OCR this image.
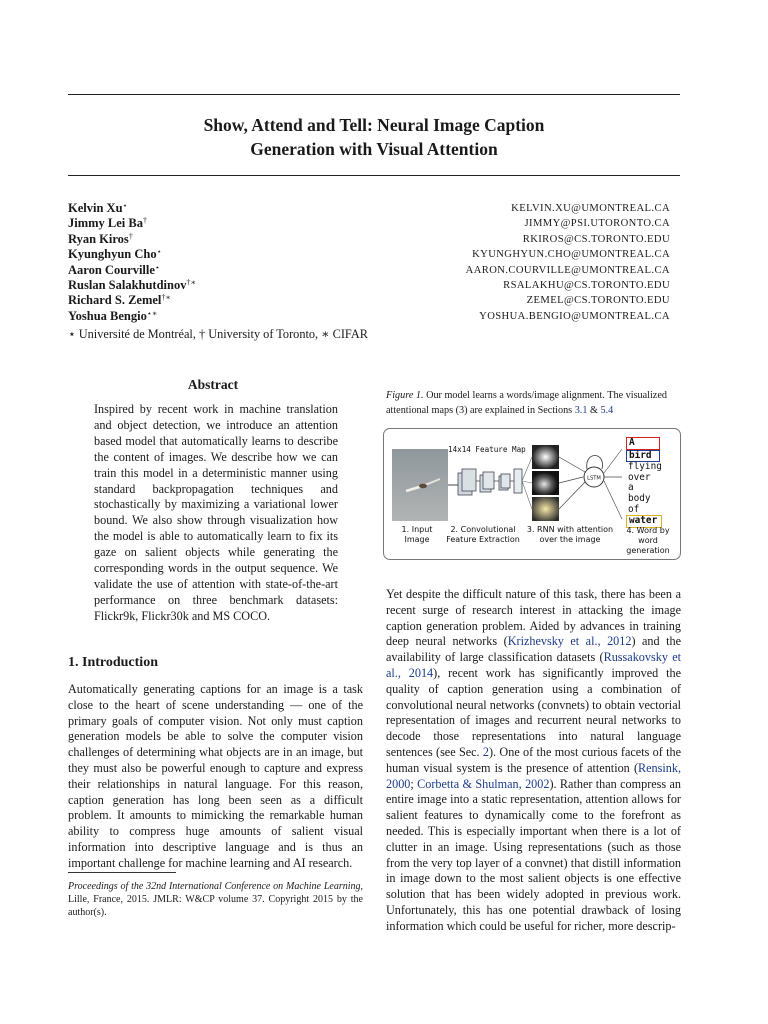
Show, Attend and Tell: Neural Image Caption
Generation with Visual Attention
Kelvin Xu⋆
Jimmy Lei Ba†
Ryan Kiros†
Kyunghyun Cho⋆
Aaron Courville⋆
Ruslan Salakhutdinov†∗
Richard S. Zemel†∗
Yoshua Bengio⋆∗
KELVIN.XU@UMONTREAL.CA
JIMMY@PSI.UTORONTO.CA
RKIROS@CS.TORONTO.EDU
KYUNGHYUN.CHO@UMONTREAL.CA
AARON.COURVILLE@UMONTREAL.CA
RSALAKHU@CS.TORONTO.EDU
ZEMEL@CS.TORONTO.EDU
YOSHUA.BENGIO@UMONTREAL.CA
⋆ Université de Montréal, † University of Toronto, ∗ CIFAR
Abstract
Inspired by recent work in machine translation and object detection, we introduce an attention based model that automatically learns to describe the content of images. We describe how we can train this model in a deterministic manner using standard backpropagation techniques and stochastically by maximizing a variational lower bound. We also show through visualization how the model is able to automatically learn to fix its gaze on salient objects while generating the corresponding words in the output sequence. We validate the use of attention with state-of-the-art performance on three benchmark datasets: Flickr9k, Flickr30k and MS COCO.
1. Introduction
Automatically generating captions for an image is a task close to the heart of scene understanding — one of the primary goals of computer vision. Not only must caption generation models be able to solve the computer vision challenges of determining what objects are in an image, but they must also be powerful enough to capture and express their relationships in natural language. For this reason, caption generation has long been seen as a difficult problem. It amounts to mimicking the remarkable human ability to compress huge amounts of salient visual information into descriptive language and is thus an important challenge for machine learning and AI research.
Proceedings of the 32nd International Conference on Machine Learning, Lille, France, 2015. JMLR: W&CP volume 37. Copyright 2015 by the author(s).
Figure 1. Our model learns a words/image alignment. The visualized attentional maps (3) are explained in Sections 3.1 & 5.4
LSTM
14x14 Feature Map
A
bird
flying
over
a
body
of
water
1. Input Image
2. Convolutional Feature Extraction
3. RNN with attention over the image
4. Word by word generation
Yet despite the difficult nature of this task, there has been a recent surge of research interest in attacking the image caption generation problem. Aided by advances in training deep neural networks (Krizhevsky et al., 2012) and the availability of large classification datasets (Russakovsky et al., 2014), recent work has significantly improved the quality of caption generation using a combination of convolutional neural networks (convnets) to obtain vectorial representation of images and recurrent neural networks to decode those representations into natural language sentences (see Sec. 2). One of the most curious facets of the human visual system is the presence of attention (Rensink, 2000; Corbetta & Shulman, 2002). Rather than compress an entire image into a static representation, attention allows for salient features to dynamically come to the forefront as needed. This is especially important when there is a lot of clutter in an image. Using representations (such as those from the very top layer of a convnet) that distill information in image down to the most salient objects is one effective solution that has been widely adopted in previous work. Unfortunately, this has one potential drawback of losing information which could be useful for richer, more descrip-
